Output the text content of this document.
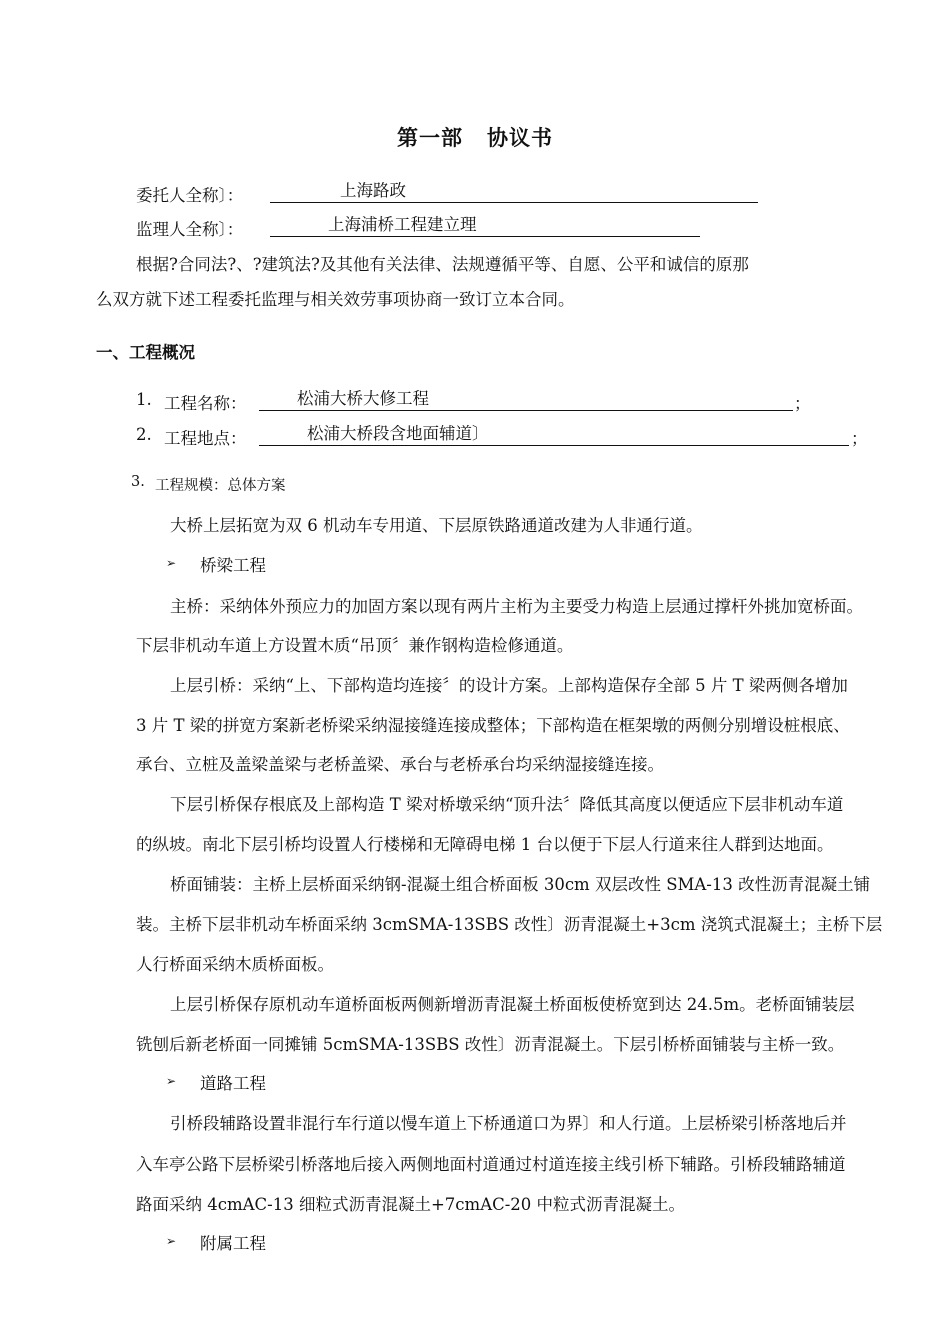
第一部 协议书
委托人全称〕：	上海路政
监理人全称〕：	上海浦桥工程建立理
根据?合同法?、?建筑法?及其他有关法律、法规遵循平等、自愿、公平和诚信的原那
么双方就下述工程委托监理与相关效劳事项协商一致订立本合同。
一、工程概况
1. 工程名称：	松浦大桥大修工程	；
2. 工程地点：	松浦大桥段含地面辅道〕	；
3. 工程规模：总体方案
大桥上层拓宽为双 6 机动车专用道、下层原铁路通道改建为人非通行道。
➢ 桥梁工程
主桥：采纳体外预应力的加固方案以现有两片主桁为主要受力构造上层通过撑杆外挑加宽桥面。
下层非机动车道上方设置木质“吊顶〞兼作钢构造检修通道。
上层引桥：采纳“上、下部构造均连接〞的设计方案。上部构造保存全部 5 片 T 梁两侧各增加
3 片 T 梁的拼宽方案新老桥梁采纳湿接缝连接成整体；下部构造在框架墩的两侧分别增设桩根底、
承台、立桩及盖梁盖梁与老桥盖梁、承台与老桥承台均采纳湿接缝连接。
下层引桥保存根底及上部构造 T 梁对桥墩采纳“顶升法〞降低其高度以便适应下层非机动车道
的纵坡。南北下层引桥均设置人行楼梯和无障碍电梯 1 台以便于下层人行道来往人群到达地面。
桥面铺装：主桥上层桥面采纳钢-混凝土组合桥面板 30cm 双层改性 SMA-13 改性沥青混凝土铺
装。主桥下层非机动车桥面采纳 3cmSMA-13SBS 改性〕沥青混凝土+3cm 浇筑式混凝土；主桥下层
人行桥面采纳木质桥面板。
上层引桥保存原机动车道桥面板两侧新增沥青混凝土桥面板使桥宽到达 24.5m。老桥面铺装层
铣刨后新老桥面一同摊铺 5cmSMA-13SBS 改性〕沥青混凝土。下层引桥桥面铺装与主桥一致。
➢ 道路工程
引桥段辅路设置非混行车行道以慢车道上下桥通道口为界〕和人行道。上层桥梁引桥落地后并
入车亭公路下层桥梁引桥落地后接入两侧地面村道通过村道连接主线引桥下辅路。引桥段辅路辅道
路面采纳 4cmAC-13 细粒式沥青混凝土+7cmAC-20 中粒式沥青混凝土。
➢ 附属工程
